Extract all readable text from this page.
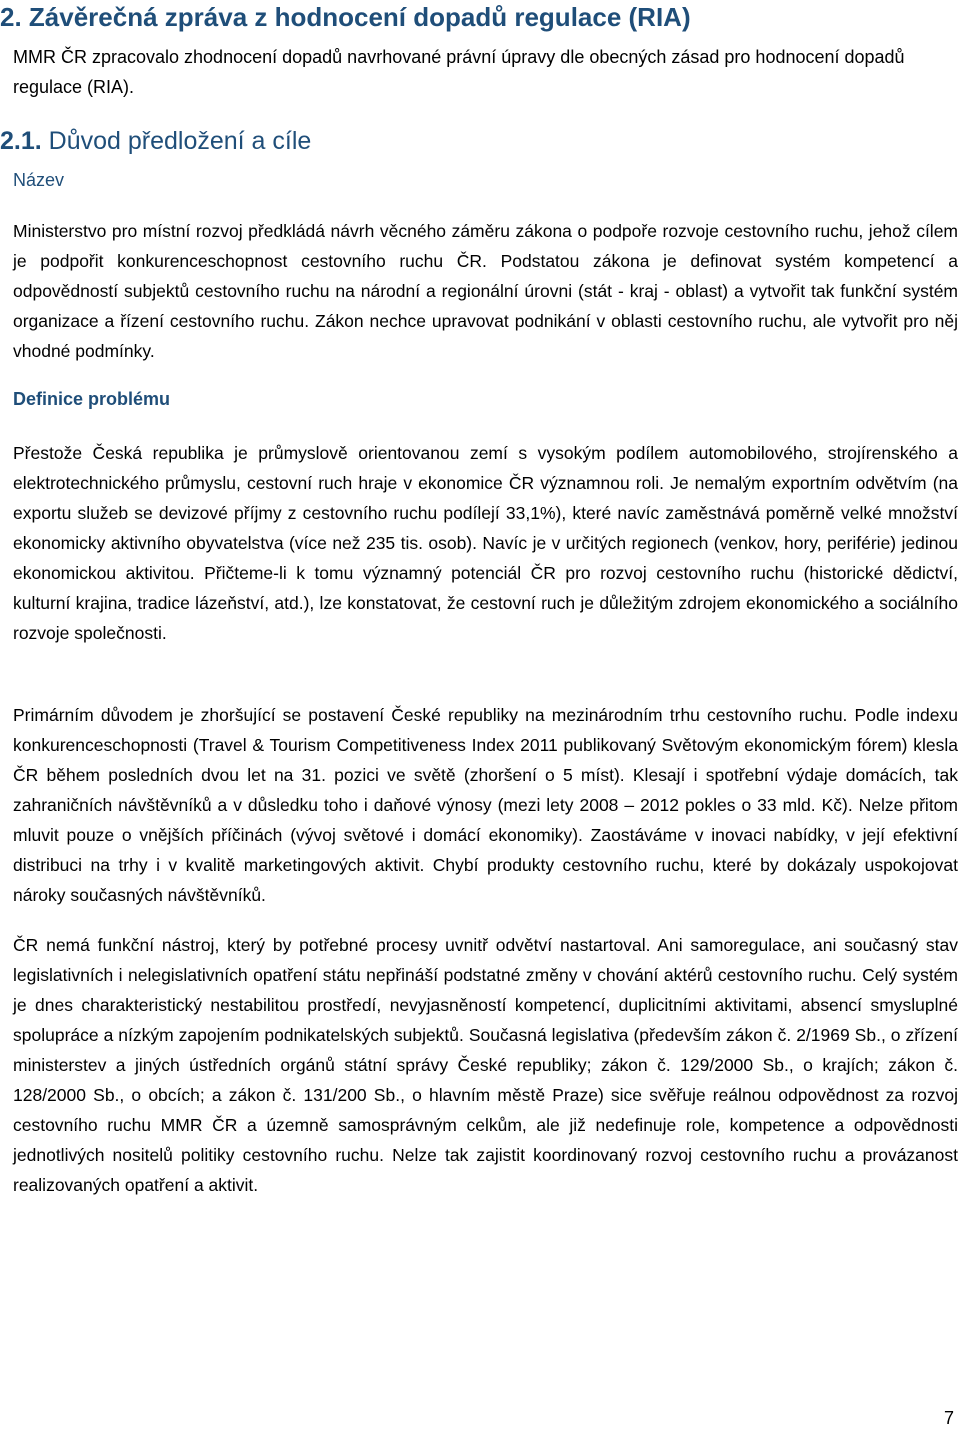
2. Závěrečná zpráva z hodnocení dopadů regulace (RIA)
MMR ČR zpracovalo zhodnocení dopadů navrhované právní úpravy dle obecných zásad pro hodnocení dopadů regulace (RIA).
2.1. Důvod předložení a cíle
Název
Ministerstvo pro místní rozvoj předkládá návrh věcného záměru zákona o podpoře rozvoje cestovního ruchu, jehož cílem je podpořit konkurenceschopnost cestovního ruchu ČR. Podstatou zákona je definovat systém kompetencí a odpovědností subjektů cestovního ruchu na národní a regionální úrovni (stát - kraj - oblast) a vytvořit tak funkční systém organizace a řízení cestovního ruchu. Zákon nechce upravovat podnikání v oblasti cestovního ruchu, ale vytvořit pro něj vhodné podmínky.
Definice problému
Přestože Česká republika je průmyslově orientovanou zemí s vysokým podílem automobilového, strojírenského a elektrotechnického průmyslu, cestovní ruch hraje v ekonomice ČR významnou roli. Je nemalým exportním odvětvím (na exportu služeb se devizové příjmy z cestovního ruchu podílejí 33,1%), které navíc zaměstnává poměrně velké množství ekonomicky aktivního obyvatelstva (více než 235 tis. osob). Navíc je v určitých regionech (venkov, hory, periférie) jedinou ekonomickou aktivitou. Přičteme-li k tomu významný potenciál ČR pro rozvoj cestovního ruchu (historické dědictví, kulturní krajina, tradice lázeňství, atd.), lze konstatovat, že cestovní ruch je důležitým zdrojem ekonomického a sociálního rozvoje společnosti.
Primárním důvodem je zhoršující se postavení České republiky na mezinárodním trhu cestovního ruchu. Podle indexu konkurenceschopnosti (Travel & Tourism Competitiveness Index 2011 publikovaný Světovým ekonomickým fórem) klesla ČR během posledních dvou let na 31. pozici ve světě (zhoršení o 5 míst). Klesají i spotřební výdaje domácích, tak zahraničních návštěvníků a v důsledku toho i daňové výnosy (mezi lety 2008 – 2012 pokles o 33 mld. Kč). Nelze přitom mluvit pouze o vnějších příčinách (vývoj světové i domácí ekonomiky). Zaostáváme v inovaci nabídky, v její efektivní distribuci na trhy i v kvalitě marketingových aktivit. Chybí produkty cestovního ruchu, které by dokázaly uspokojovat nároky současných návštěvníků.
ČR nemá funkční nástroj, který by potřebné procesy uvnitř odvětví nastartoval. Ani samoregulace, ani současný stav legislativních i nelegislativních opatření státu nepřináší podstatné změny v chování aktérů cestovního ruchu. Celý systém je dnes charakteristický nestabilitou prostředí, nevyjasněností kompetencí, duplicitními aktivitami, absencí smysluplné spolupráce a nízkým zapojením podnikatelských subjektů. Současná legislativa (především zákon č. 2/1969 Sb., o zřízení ministerstev a jiných ústředních orgánů státní správy České republiky; zákon č. 129/2000 Sb., o krajích; zákon č. 128/2000 Sb., o obcích; a zákon č. 131/200 Sb., o hlavním městě Praze) sice svěřuje reálnou odpovědnost za rozvoj cestovního ruchu MMR ČR a územně samosprávným celkům, ale již nedefinuje role, kompetence a odpovědnosti jednotlivých nositelů politiky cestovního ruchu. Nelze tak zajistit koordinovaný rozvoj cestovního ruchu a provázanost realizovaných opatření a aktivit.
7
